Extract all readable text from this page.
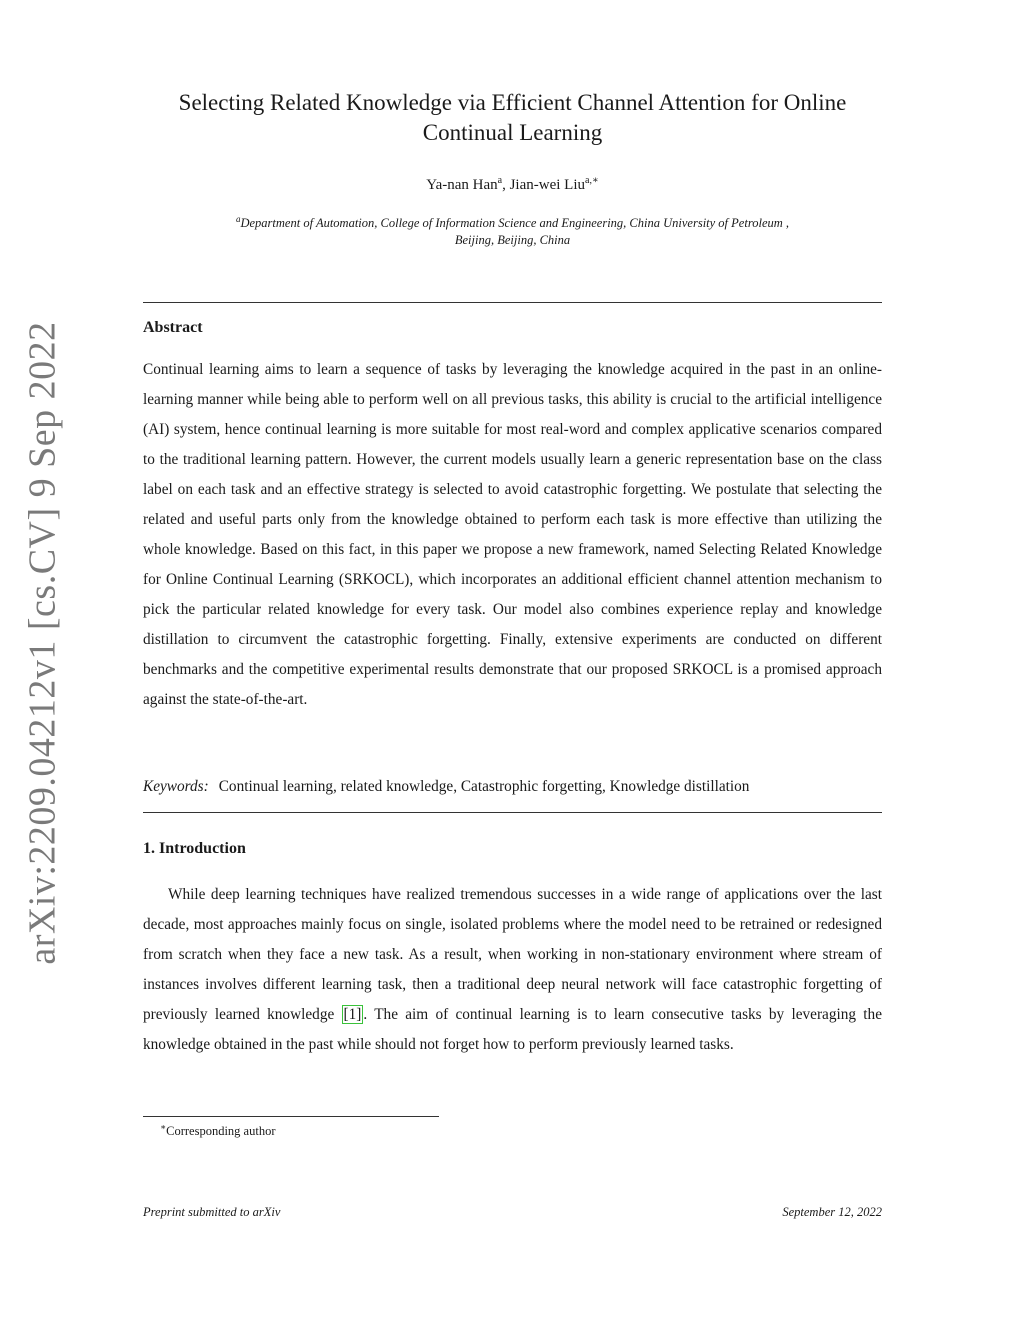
arXiv:2209.04212v1 [cs.CV] 9 Sep 2022
Selecting Related Knowledge via Efficient Channel Attention for Online
Continual Learning
Ya-nan Han$^a$, Jian-wei Liu$^{a,∗}$
$^a$Department of Automation, College of Information Science and Engineering, China University of Petroleum ,
Beijing, Beijing, China
Abstract
Continual learning aims to learn a sequence of tasks by leveraging the knowledge acquired in the past in an online-learning manner while being able to perform well on all previous tasks, this ability is crucial to the artificial intelligence (AI) system, hence continual learning is more suitable for most real-word and complex applicative scenarios compared to the traditional learning pattern. However, the current models usually learn a generic representation base on the class label on each task and an effective strategy is selected to avoid catastrophic forgetting. We postulate that selecting the related and useful parts only from the knowledge obtained to perform each task is more effective than utilizing the whole knowledge. Based on this fact, in this paper we propose a new framework, named Selecting Related Knowledge for Online Continual Learning (SRKOCL), which incorporates an additional efficient channel attention mechanism to pick the particular related knowledge for every task. Our model also combines experience replay and knowledge distillation to circumvent the catastrophic forgetting. Finally, extensive experiments are conducted on different benchmarks and the competitive experimental results demonstrate that our proposed SRKOCL is a promised approach against the state-of-the-art.
Keywords: Continual learning, related knowledge, Catastrophic forgetting, Knowledge distillation
1. Introduction
While deep learning techniques have realized tremendous successes in a wide range of applications over the last decade, most approaches mainly focus on single, isolated problems where the model need to be retrained or redesigned from scratch when they face a new task. As a result, when working in non-stationary environment where stream of instances involves different learning task, then a traditional deep neural network will face catastrophic forgetting of previously learned knowledge [1] . The aim of continual learning is to learn consecutive tasks by leveraging the knowledge obtained in the past while should not forget how to perform previously learned tasks.
∗Corresponding author
Preprint submitted to arXiv	September 12, 2022
